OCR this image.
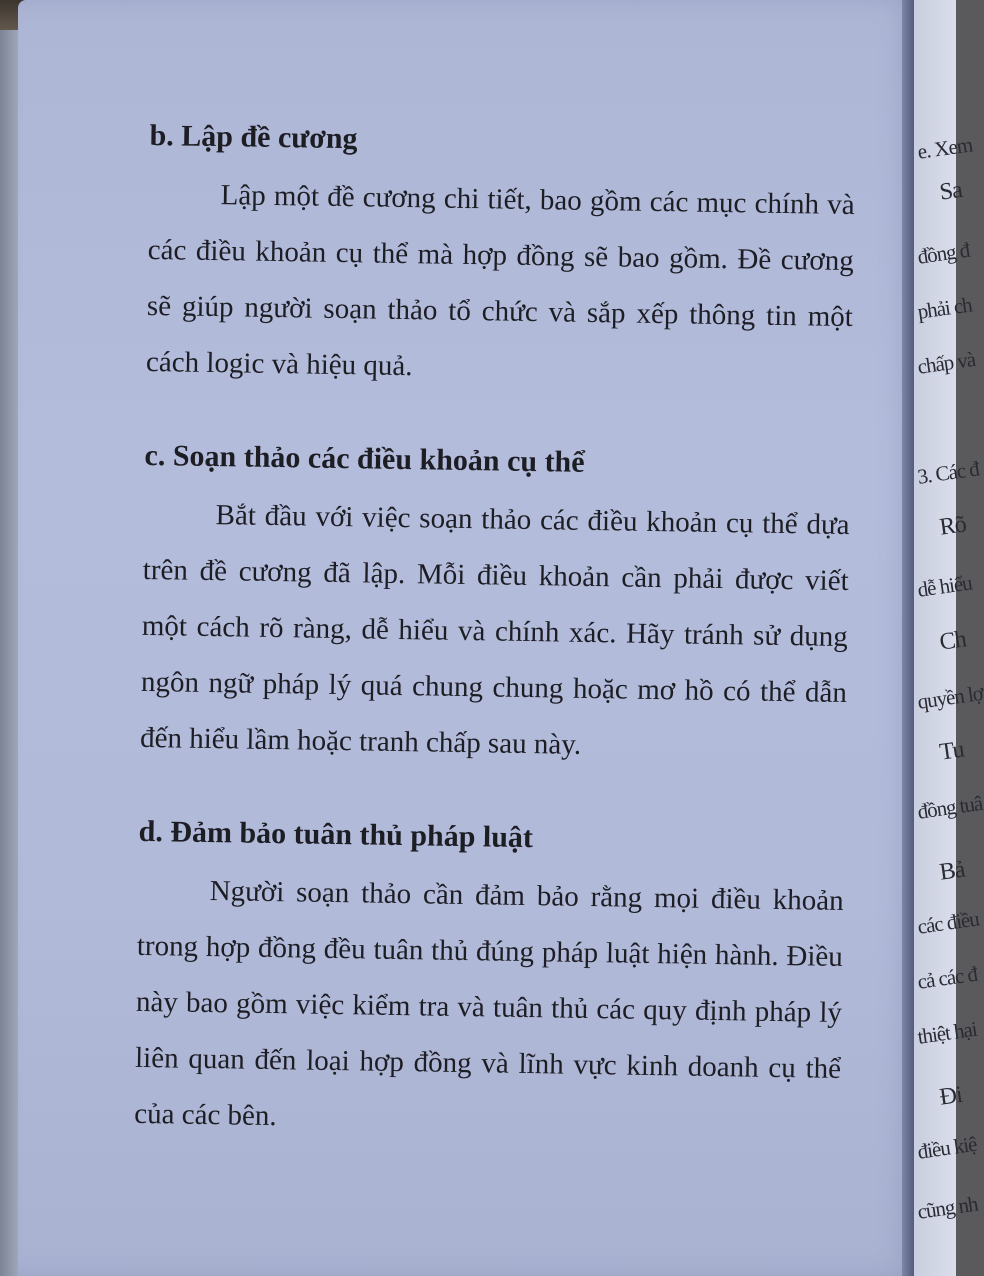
b. Lập đề cương

Lập một đề cương chi tiết, bao gồm các mục chính và các điều khoản cụ thể mà hợp đồng sẽ bao gồm. Đề cương sẽ giúp người soạn thảo tổ chức và sắp xếp thông tin một cách logic và hiệu quả.

c. Soạn thảo các điều khoản cụ thể

Bắt đầu với việc soạn thảo các điều khoản cụ thể dựa trên đề cương đã lập. Mỗi điều khoản cần phải được viết một cách rõ ràng, dễ hiểu và chính xác. Hãy tránh sử dụng ngôn ngữ pháp lý quá chung chung hoặc mơ hồ có thể dẫn đến hiểu lầm hoặc tranh chấp sau này.

d. Đảm bảo tuân thủ pháp luật

Người soạn thảo cần đảm bảo rằng mọi điều khoản trong hợp đồng đều tuân thủ đúng pháp luật hiện hành. Điều này bao gồm việc kiểm tra và tuân thủ các quy định pháp lý liên quan đến loại hợp đồng và lĩnh vực kinh doanh cụ thể của các bên.

e. Xem
Sa
đồng đ
phải ch
chấp và
3. Các đ
Rõ
dễ hiểu
Ch
quyền lợ
Tu
đồng tuâ
Bả
các điều
cả các đ
thiệt hại
Đi
điều kiệ
cũng nh
